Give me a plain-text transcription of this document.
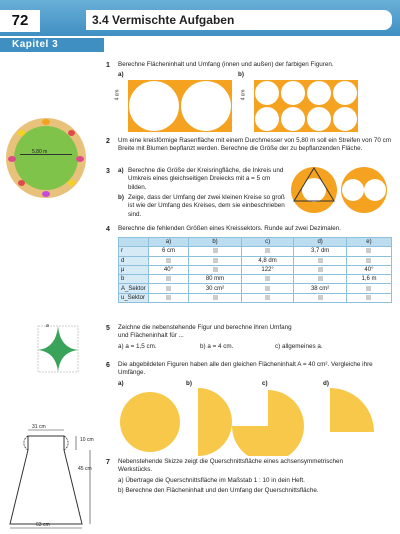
72	3.4 Vermischte Aufgaben
Kapitel 3
1 Berechne Flächeninhalt und Umfang (innen und außen) der farbigen Figuren.
a)	b)
4 cm	4 cm
5,80 m
2 Um eine kreisförmige Rasenfläche mit einem Durchmesser von 5,80 m soll ein Streifen von 70 cm Breite mit Blumen bepflanzt werden. Berechne die Größe der zu bepflanzenden Fläche.
3 a) Berechne die Größe der Kreisringfläche, die Inkreis und Umkreis eines gleichseitigen Dreiecks mit a = 5 cm bilden.
b) Zeige, dass der Umfang der zwei kleinen Kreise so groß ist wie der Umfang des Kreises, dem sie einbeschrieben sind.
4 Berechne die fehlenden Größen eines Kreissektors. Runde auf zwei Dezimalen.
	a)	b)	c)	d)	e)
r	6 cm			3,7 dm	
d			4,8 dm		
μ	40°		122°		40°
b		80 mm			1,6 m
A_Sektor		30 cm²		38 cm²	
u_Sektor					
a	5 Zeichne die nebenstehende Figur und berechne ihren Umfang und Flächeninhalt für ...
a) a = 1,5 cm.	b) a = 4 cm.	c) allgemeines a.
6 Die abgebildeten Figuren haben alle den gleichen Flächeninhalt A = 40 cm². Vergleiche ihre Umfänge.
a)	b)	c)	d)
31 cm
10 cm
45 cm
63 cm
7 Nebenstehende Skizze zeigt die Querschnittsfläche eines achsensymmetrischen Werkstücks.
a) Übertrage die Querschnittsfläche im Maßstab 1 : 10 in dein Heft.
b) Berechne den Flächeninhalt und den Umfang der Querschnittsfläche.
